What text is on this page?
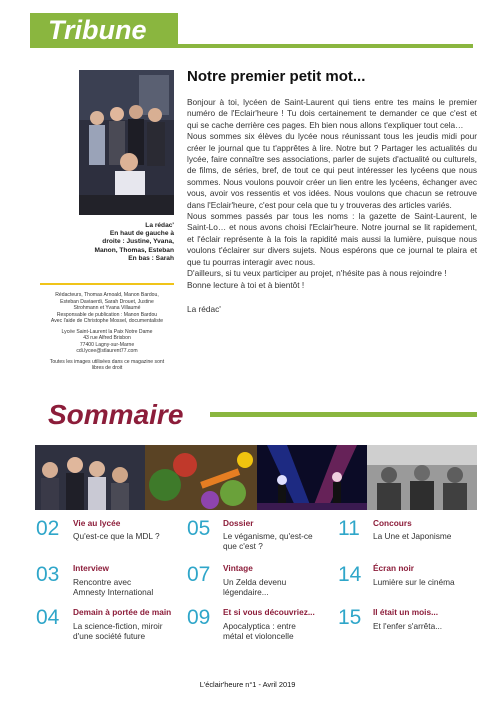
Tribune
La rédac'
En haut de gauche à
droite : Justine, Yvana,
Manon, Thomas, Esteban
En bas : Sarah
Rédacteurs, Thomas Arnoald, Manon Bardou,
Esteban Daviaerdi, Sarah Drouet, Justine
Strohmann et Yvana Villaumé
Responsable de publication : Manon Bardou
Avec l'aide de Christophe Mossel, documentaliste
Lycée Saint-Laurent la Paix Notre Dame
43 rue Alfred Brisbon
77400 Lagny-sur-Marne
cdi.lycee@stlaurent77.com
Toutes les images utilisées dans ce magazine sont
libres de droit
Notre premier petit mot...

Bonjour à toi, lycéen de Saint-Laurent qui tiens entre tes mains le premier numéro de l'Eclair'heure ! Tu dois certainement te demander ce que c'est et qui se cache derrière ces pages. Eh bien nous allons t'expliquer tout cela…

Nous sommes six élèves du lycée nous réunissant tous les jeudis midi pour créer le journal que tu t'apprêtes à lire. Notre but ? Partager les actualités du lycée, faire connaître ses associations, parler de sujets d'actualité ou culturels, de films, de séries, bref, de tout ce qui peut intéresser les lycéens que nous sommes. Nous voulons pouvoir créer un lien entre les lycéens, échanger avec vous, avoir vos ressentis et vos idées. Nous voulons que chacun se retrouve dans l'Eclair'heure, c'est pour cela que tu y trouveras des articles variés.

Nous sommes passés par tous les noms : la gazette de Saint-Laurent, le Saint-Lo… et nous avons choisi l'Eclair'heure. Notre journal se lit rapidement, et l'éclair représente à la fois la rapidité mais aussi la lumière, puisque nous voulons t'éclairer sur divers sujets. Nous espérons que ce journal te plaira et que tu pourras interagir avec nous.

D'ailleurs, si tu veux participer au projet, n'hésite pas à nous rejoindre !

Bonne lecture à toi et à bientôt !

La rédac'

Sommaire
02 Vie au lycée
Qu'est-ce que la MDL ?
03 Interview
Rencontre avec
Amnesty International
04 Demain à portée de main
La science-fiction, miroir
d'une société future
05 Dossier
Le véganisme, qu'est-ce
que c'est ?
07 Vintage
Un Zelda devenu
légendaire...
09 Et si vous découvriez...
Apocalyptica : entre
métal et violoncelle
11 Concours
La Une et Japonisme
14 Écran noir
Lumière sur le cinéma
15 Il était un mois...
Et l'enfer s'arrêta...
L'éclair'heure n°1 - Avril 2019
